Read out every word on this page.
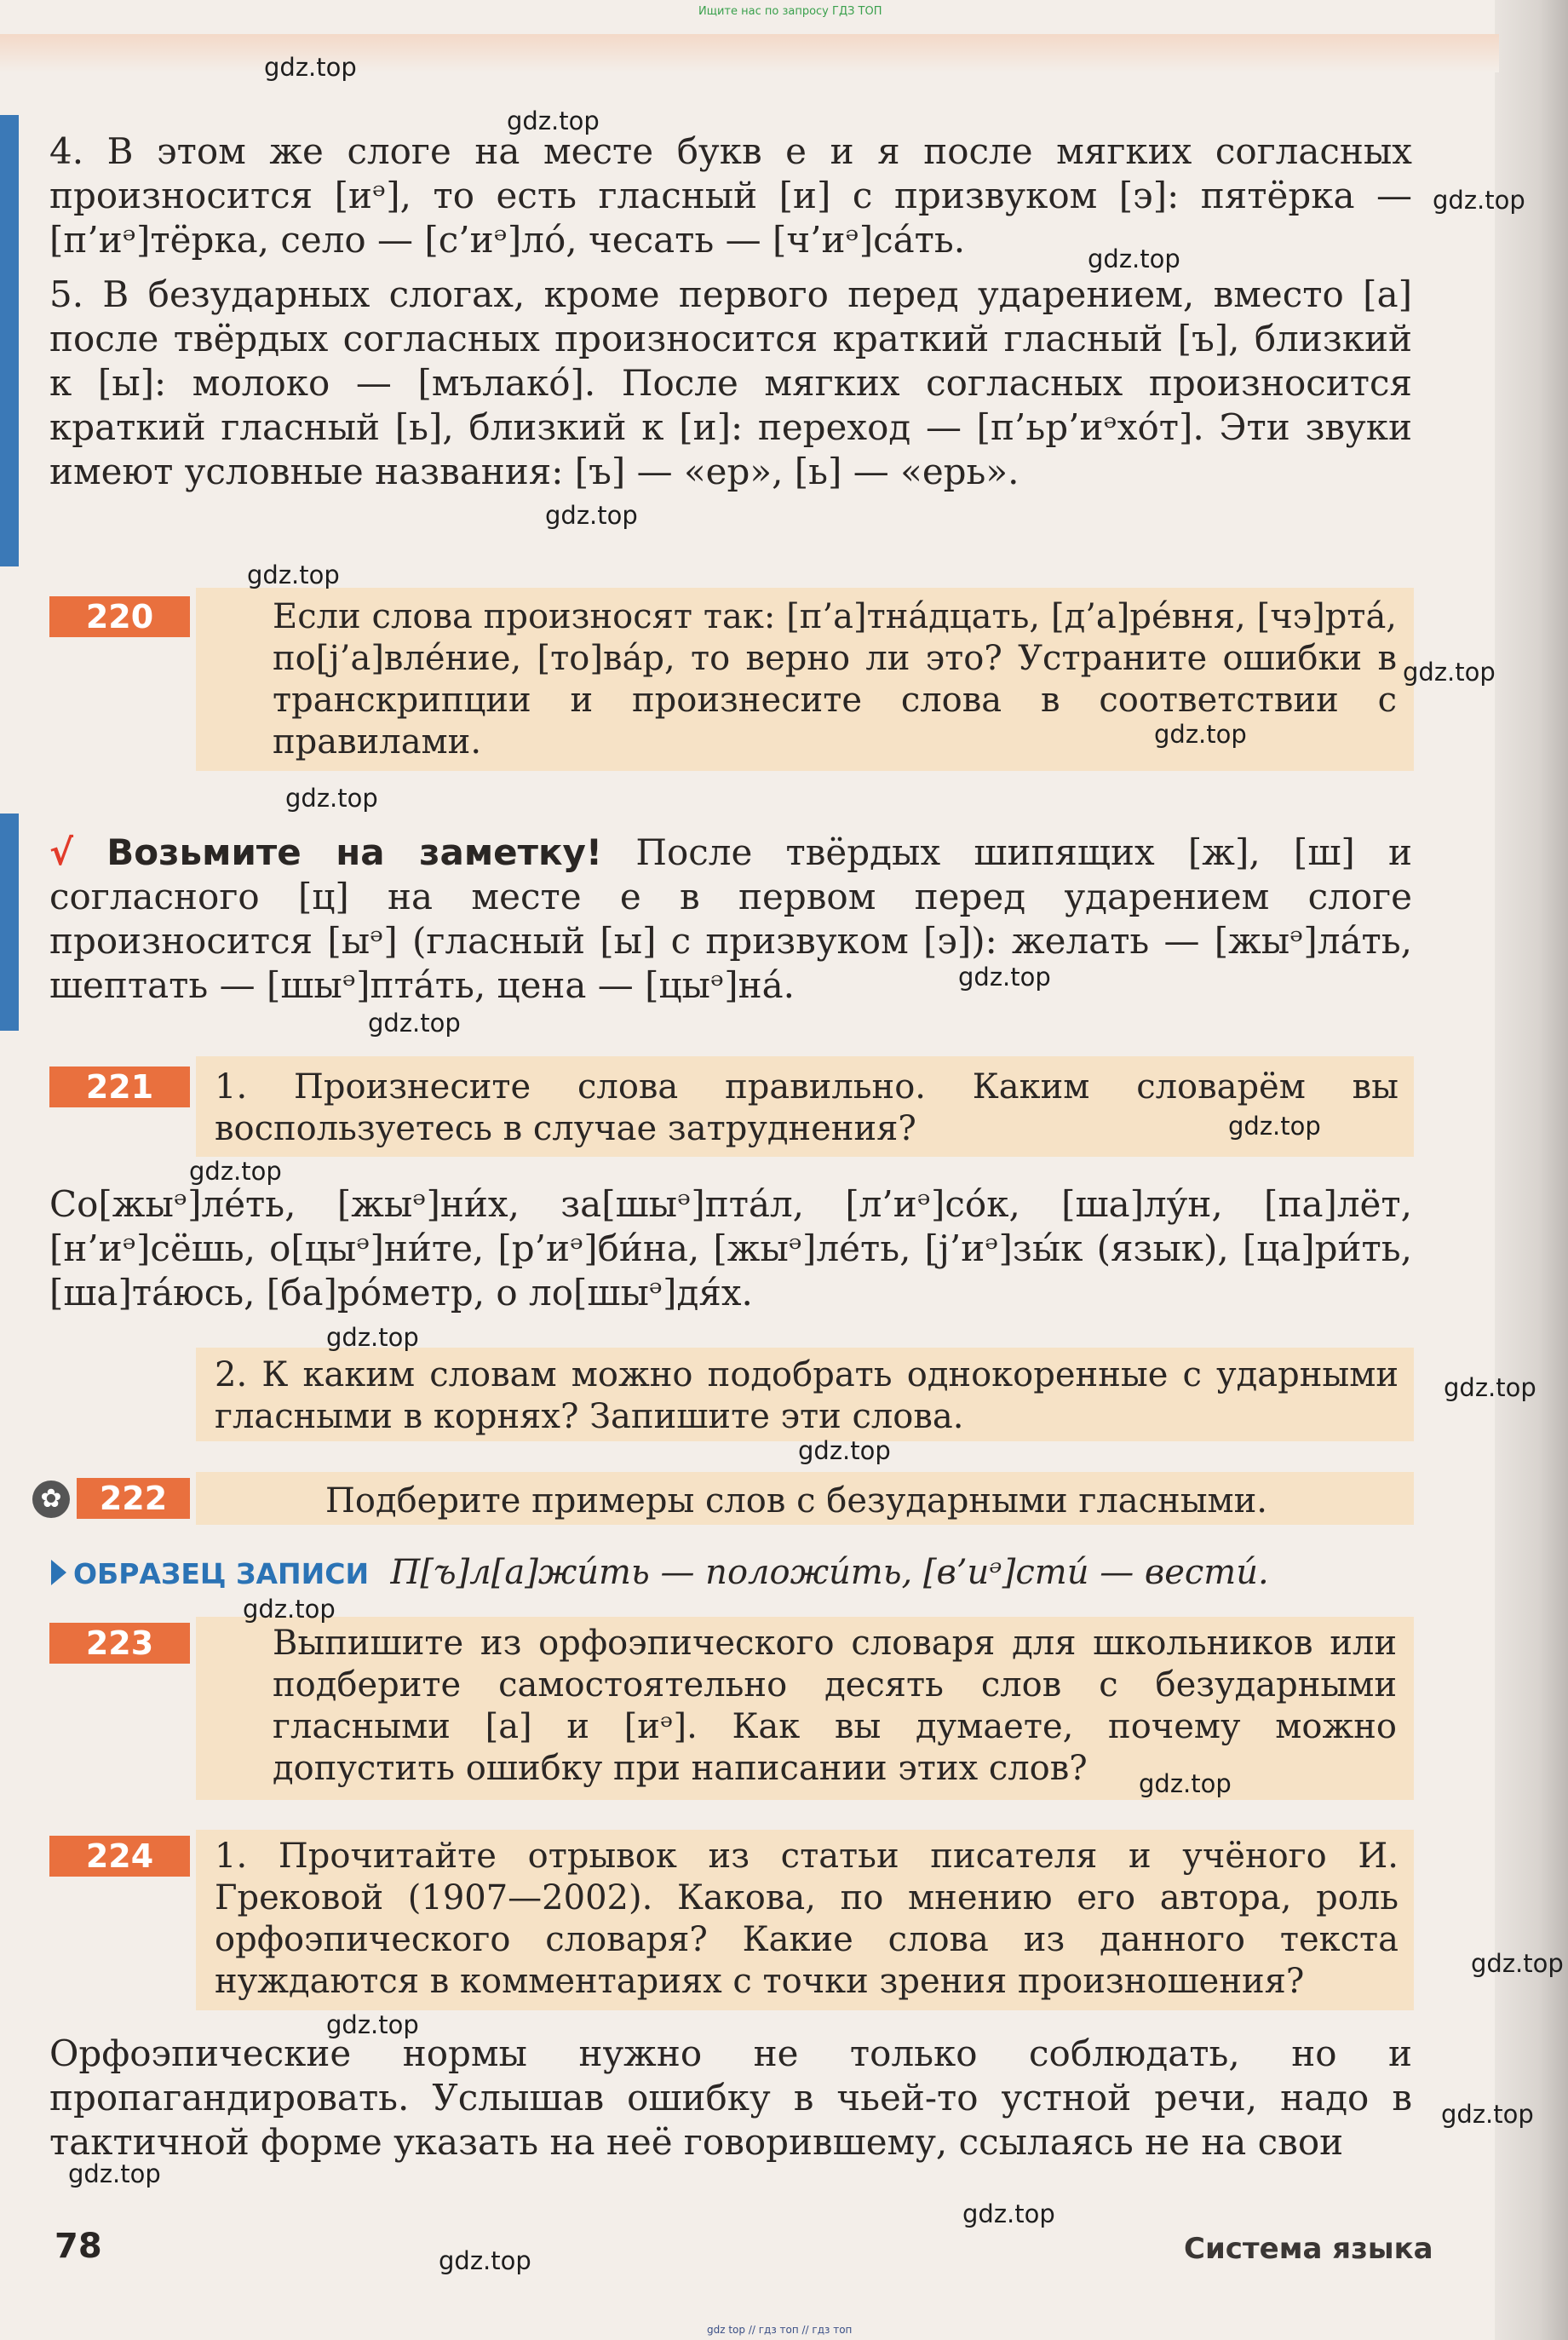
Ищите нас по запросу ГДЗ ТОП

4. В этом же слоге на месте букв е и я после мягких согласных произносится [иᵊ], то есть гласный [и] с призвуком [э]: пятёрка — [п’иᵊ]тёрка, село — [с’иᵊ]ло́, чесать — [ч’иᵊ]са́ть.

5. В безударных слогах, кроме первого перед ударением, вместо [а] после твёрдых согласных произносится краткий гласный [ъ], близкий к [ы]: молоко — [мълако́]. После мягких согласных произносится краткий гласный [ь], близкий к [и]: переход — [п’ьр’иᵊхо́т]. Эти звуки имеют условные названия: [ъ] — «ер», [ь] — «ерь».

220	Если слова произносят так: [п’а]тна́дцать, [д’а]ре́вня, [чэ]рта́, по[j’а]вле́ние, [то]ва́р, то верно ли это? Устраните ошибки в транскрипции и произнесите слова в соответствии с правилами.

√ Возьмите на заметку! После твёрдых шипящих [ж], [ш] и согласного [ц] на месте е в первом перед ударением слоге произносится [ыᵊ] (гласный [ы] с призвуком [э]): желать — [жыᵊ]ла́ть, шептать — [шыᵊ]пта́ть, цена — [цыᵊ]на́.
221	1. Произнесите слова правильно. Каким словарём вы воспользуетесь в случае затруднения?

Со[жыᵊ]ле́ть, [жыᵊ]ни́х, за[шыᵊ]пта́л, [л’иᵊ]со́к, [ша]лу́н, [па]лёт, [н’иᵊ]сёшь, о[цыᵊ]ни́те, [р’иᵊ]би́на, [жыᵊ]ле́ть, [j’иᵊ]зы́к (язык), [ца]ри́ть, [ша]та́юсь, [ба]ро́метр, о ло[шыᵊ]дя́х.

2. К каким словам можно подобрать однокоренные с ударными гласными в корнях? Запишите эти слова.

✿	222	Подберите примеры слов с безударными гласными.

ОБРАЗЕЦ ЗАПИСИ П[ъ]л[а]жи́ть — положи́ть, [в’иᵊ]сти́ — вести́.
223	Выпишите из орфоэпического словаря для школьников или подберите самостоятельно десять слов с безударными гласными [а] и [иᵊ]. Как вы думаете, почему можно допустить ошибку при написании этих слов?

224	1. Прочитайте отрывок из статьи писателя и учёного И. Грековой (1907—2002). Какова, по мнению его автора, роль орфоэпического словаря? Какие слова из данного текста нуждаются в комментариях с точки зрения произношения?

Орфоэпические нормы нужно не только соблюдать, но и пропагандировать. Услышав ошибку в чьей-то устной речи, надо в тактичной форме указать на неё говорившему, ссылаясь не на свои

78	Система языка
gdz top // гдз топ // гдз топ
gdz.top
gdz.top
gdz.top
gdz.top
gdz.top
gdz.top
gdz.top
gdz.top
gdz.top
gdz.top
gdz.top
gdz.top
gdz.top
gdz.top
gdz.top
gdz.top
gdz.top
gdz.top
gdz.top
gdz.top
gdz.top
gdz.top
gdz.top
gdz.top
